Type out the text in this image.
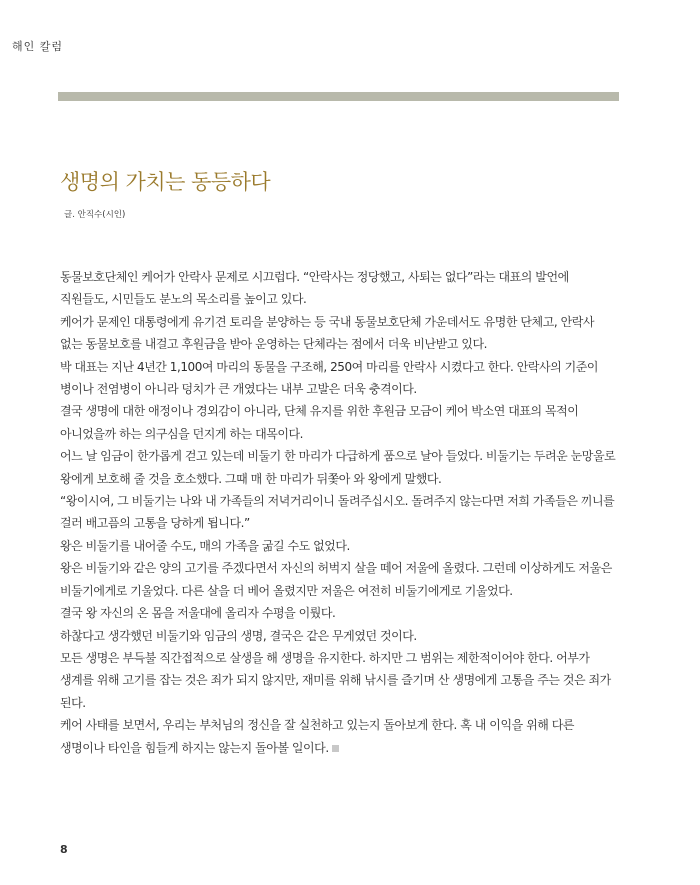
해인 칼럼
생명의 가치는 동등하다
글. 안직수(시인)

동물보호단체인 케어가 안락사 문제로 시끄럽다. “안락사는 정당했고, 사퇴는 없다”라는 대표의 발언에 직원들도, 시민들도 분노의 목소리를 높이고 있다.

케어가 문제인 대통령에게 유기견 토리을 분양하는 등 국내 동물보호단체 가운데서도 유명한 단체고, 안락사 없는 동물보호를 내걸고 후원금을 받아 운영하는 단체라는 점에서 더욱 비난받고 있다.

박 대표는 지난 4년간 1,100여 마리의 동물을 구조해, 250여 마리를 안락사 시켰다고 한다. 안락사의 기준이 병이나 전염병이 아니라 덩치가 큰 개였다는 내부 고발은 더욱 충격이다.

결국 생명에 대한 애정이나 경외감이 아니라, 단체 유지를 위한 후원금 모금이 케어 박소연 대표의 목적이 아니었을까 하는 의구심을 던지게 하는 대목이다.

어느 날 임금이 한가롭게 걷고 있는데 비둘기 한 마리가 다급하게 품으로 날아 들었다. 비둘기는 두려운 눈망울로 왕에게 보호해 줄 것을 호소했다. 그때 매 한 마리가 뒤쫓아 와 왕에게 말했다.

“왕이시여, 그 비둘기는 나와 내 가족들의 저녁거리이니 돌려주십시오. 돌려주지 않는다면 저희 가족들은 끼니를 걸러 배고픔의 고통을 당하게 됩니다.”

왕은 비둘기를 내어줄 수도, 매의 가족을 굶길 수도 없었다.

왕은 비둘기와 같은 양의 고기를 주겠다면서 자신의 허벅지 살을 떼어 저울에 올렸다. 그런데 이상하게도 저울은 비둘기에게로 기울었다. 다른 살을 더 베어 올렸지만 저울은 여전히 비둘기에게로 기울었다.

결국 왕 자신의 온 몸을 저울대에 올리자 수평을 이뤘다.

하찮다고 생각했던 비둘기와 임금의 생명, 결국은 같은 무게였던 것이다.

모든 생명은 부득불 직간접적으로 살생을 해 생명을 유지한다. 하지만 그 범위는 제한적이어야 한다. 어부가 생계를 위해 고기를 잡는 것은 죄가 되지 않지만, 재미를 위해 낚시를 즐기며 산 생명에게 고통을 주는 것은 죄가 된다.

케어 사태를 보면서, 우리는 부처님의 정신을 잘 실천하고 있는지 돌아보게 한다. 혹 내 이익을 위해 다른 생명이나 타인을 힘들게 하지는 않는지 돌아볼 일이다.

8
